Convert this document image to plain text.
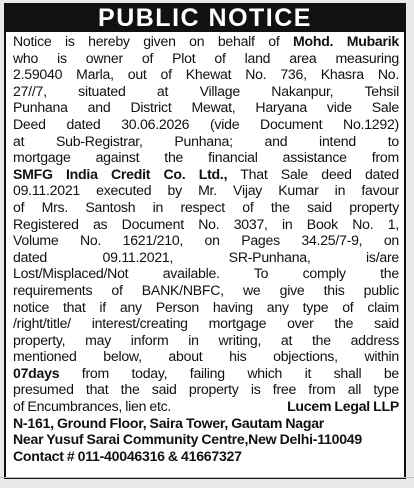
PUBLIC NOTICE
Notice is hereby given on behalf of Mohd. Mubarik
who is owner of Plot of land area measuring
2.59040 Marla, out of Khewat No. 736, Khasra No.
27//7, situated at Village Nakanpur, Tehsil
Punhana and District Mewat, Haryana vide Sale
Deed dated 30.06.2026 (vide Document No.1292)
at Sub-Registrar, Punhana; and intend to
mortgage against the financial assistance from
SMFG India Credit Co. Ltd., That Sale deed dated
09.11.2021 executed by Mr. Vijay Kumar in favour
of Mrs. Santosh in respect of the said property
Registered as Document No. 3037, in Book No. 1,
Volume No. 1621/210, on Pages 34.25/7-9, on
dated 09.11.2021, SR-Punhana, is/are
Lost/Misplaced/Not available. To comply the
requirements of BANK/NBFC, we give this public
notice that if any Person having any type of claim
/right/title/ interest/creating mortgage over the said
property, may inform in writing, at the address
mentioned below, about his objections, within
07days from today, failing which it shall be
presumed that the said property is free from all type
of Encumbrances, lien etc.	Lucem Legal LLP
N-161, Ground Floor, Saira Tower, Gautam Nagar
Near Yusuf Sarai Community Centre,New Delhi-110049
Contact # 011-40046316 & 41667327
